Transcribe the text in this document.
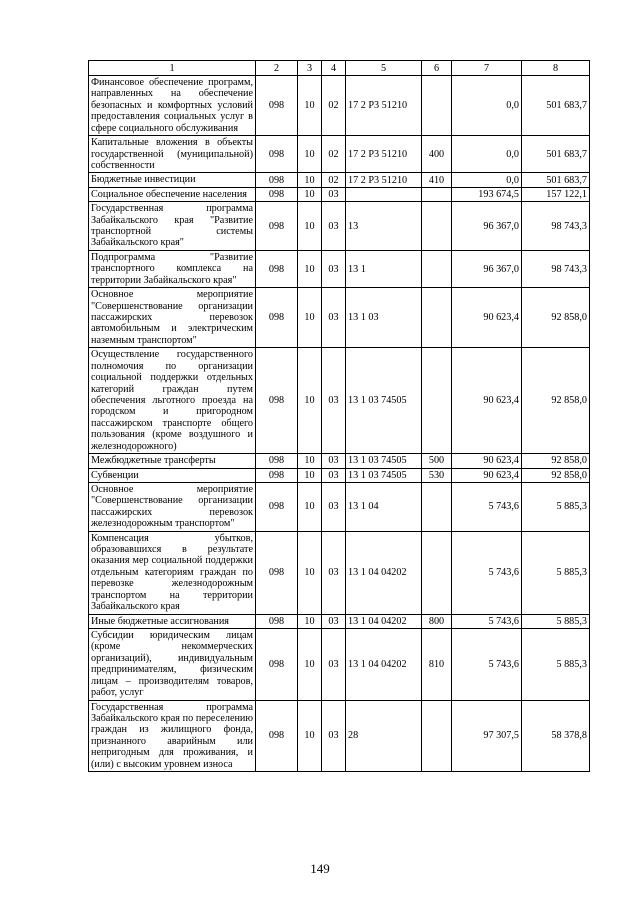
1	2	3	4	5	6	7	8
Финансовое обеспечение программ, направленных на обеспечение безопасных и комфортных условий предоставления социальных услуг в сфере социального обслуживания	098	10	02	17 2 P3 51210		0,0	501 683,7
Капитальные вложения в объекты государственной (муниципальной) собственности	098	10	02	17 2 P3 51210	400	0,0	501 683,7
Бюджетные инвестиции	098	10	02	17 2 P3 51210	410	0,0	501 683,7
Социальное обеспечение населения	098	10	03			193 674,5	157 122,1
Государственная программа Забайкальского края "Развитие транспортной системы Забайкальского края"	098	10	03	13		96 367,0	98 743,3
Подпрограмма "Развитие транспортного комплекса на территории Забайкальского края"	098	10	03	13 1		96 367,0	98 743,3
Основное мероприятие "Совершенствование организации пассажирских перевозок автомобильным и электрическим наземным транспортом"	098	10	03	13 1 03		90 623,4	92 858,0
Осуществление государственного полномочия по организации социальной поддержки отдельных категорий граждан путем обеспечения льготного проезда на городском и пригородном пассажирском транспорте общего пользования (кроме воздушного и железнодорожного)	098	10	03	13 1 03 74505		90 623,4	92 858,0
Межбюджетные трансферты	098	10	03	13 1 03 74505	500	90 623,4	92 858,0
Субвенции	098	10	03	13 1 03 74505	530	90 623,4	92 858,0
Основное мероприятие "Совершенствование организации пассажирских перевозок железнодорожным транспортом"	098	10	03	13 1 04		5 743,6	5 885,3
Компенсация убытков, образовавшихся в результате оказания мер социальной поддержки отдельным категориям граждан по перевозке железнодорожным транспортом на территории Забайкальского края	098	10	03	13 1 04 04202		5 743,6	5 885,3
Иные бюджетные ассигнования	098	10	03	13 1 04 04202	800	5 743,6	5 885,3
Субсидии юридическим лицам (кроме некоммерческих организаций), индивидуальным предпринимателям, физическим лицам – производителям товаров, работ, услуг	098	10	03	13 1 04 04202	810	5 743,6	5 885,3
Государственная программа Забайкальского края по переселению граждан из жилищного фонда, признанного аварийным или непригодным для проживания, и (или) с высоким уровнем износа	098	10	03	28		97 307,5	58 378,8
149
